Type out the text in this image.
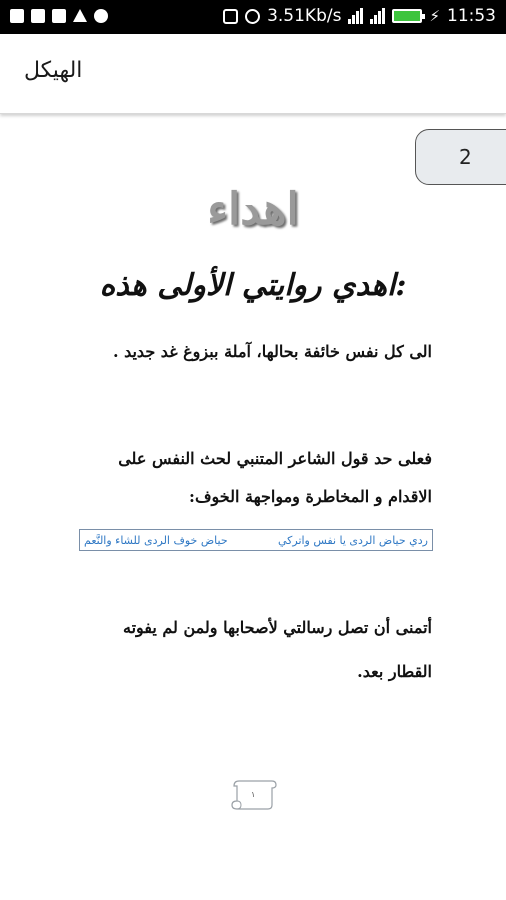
3.51Kb/s	⚡ 11:53
الهيكل
2
اهداء
اهدي روايتي الأولى هذه:
الى كل نفس خائفة بحالها، آملة ببزوغ غد جديد .
فعلى حد قول الشاعر المتنبي لحث النفس على الاقدام و المخاطرة ومواجهة الخوف:
ردي حياض الردى يا نفس واتركي
حياض خوف الردى للشاء والنَّعم
أتمنى أن تصل رسالتي لأصحابها ولمن لم يفوته القطار بعد.
١
